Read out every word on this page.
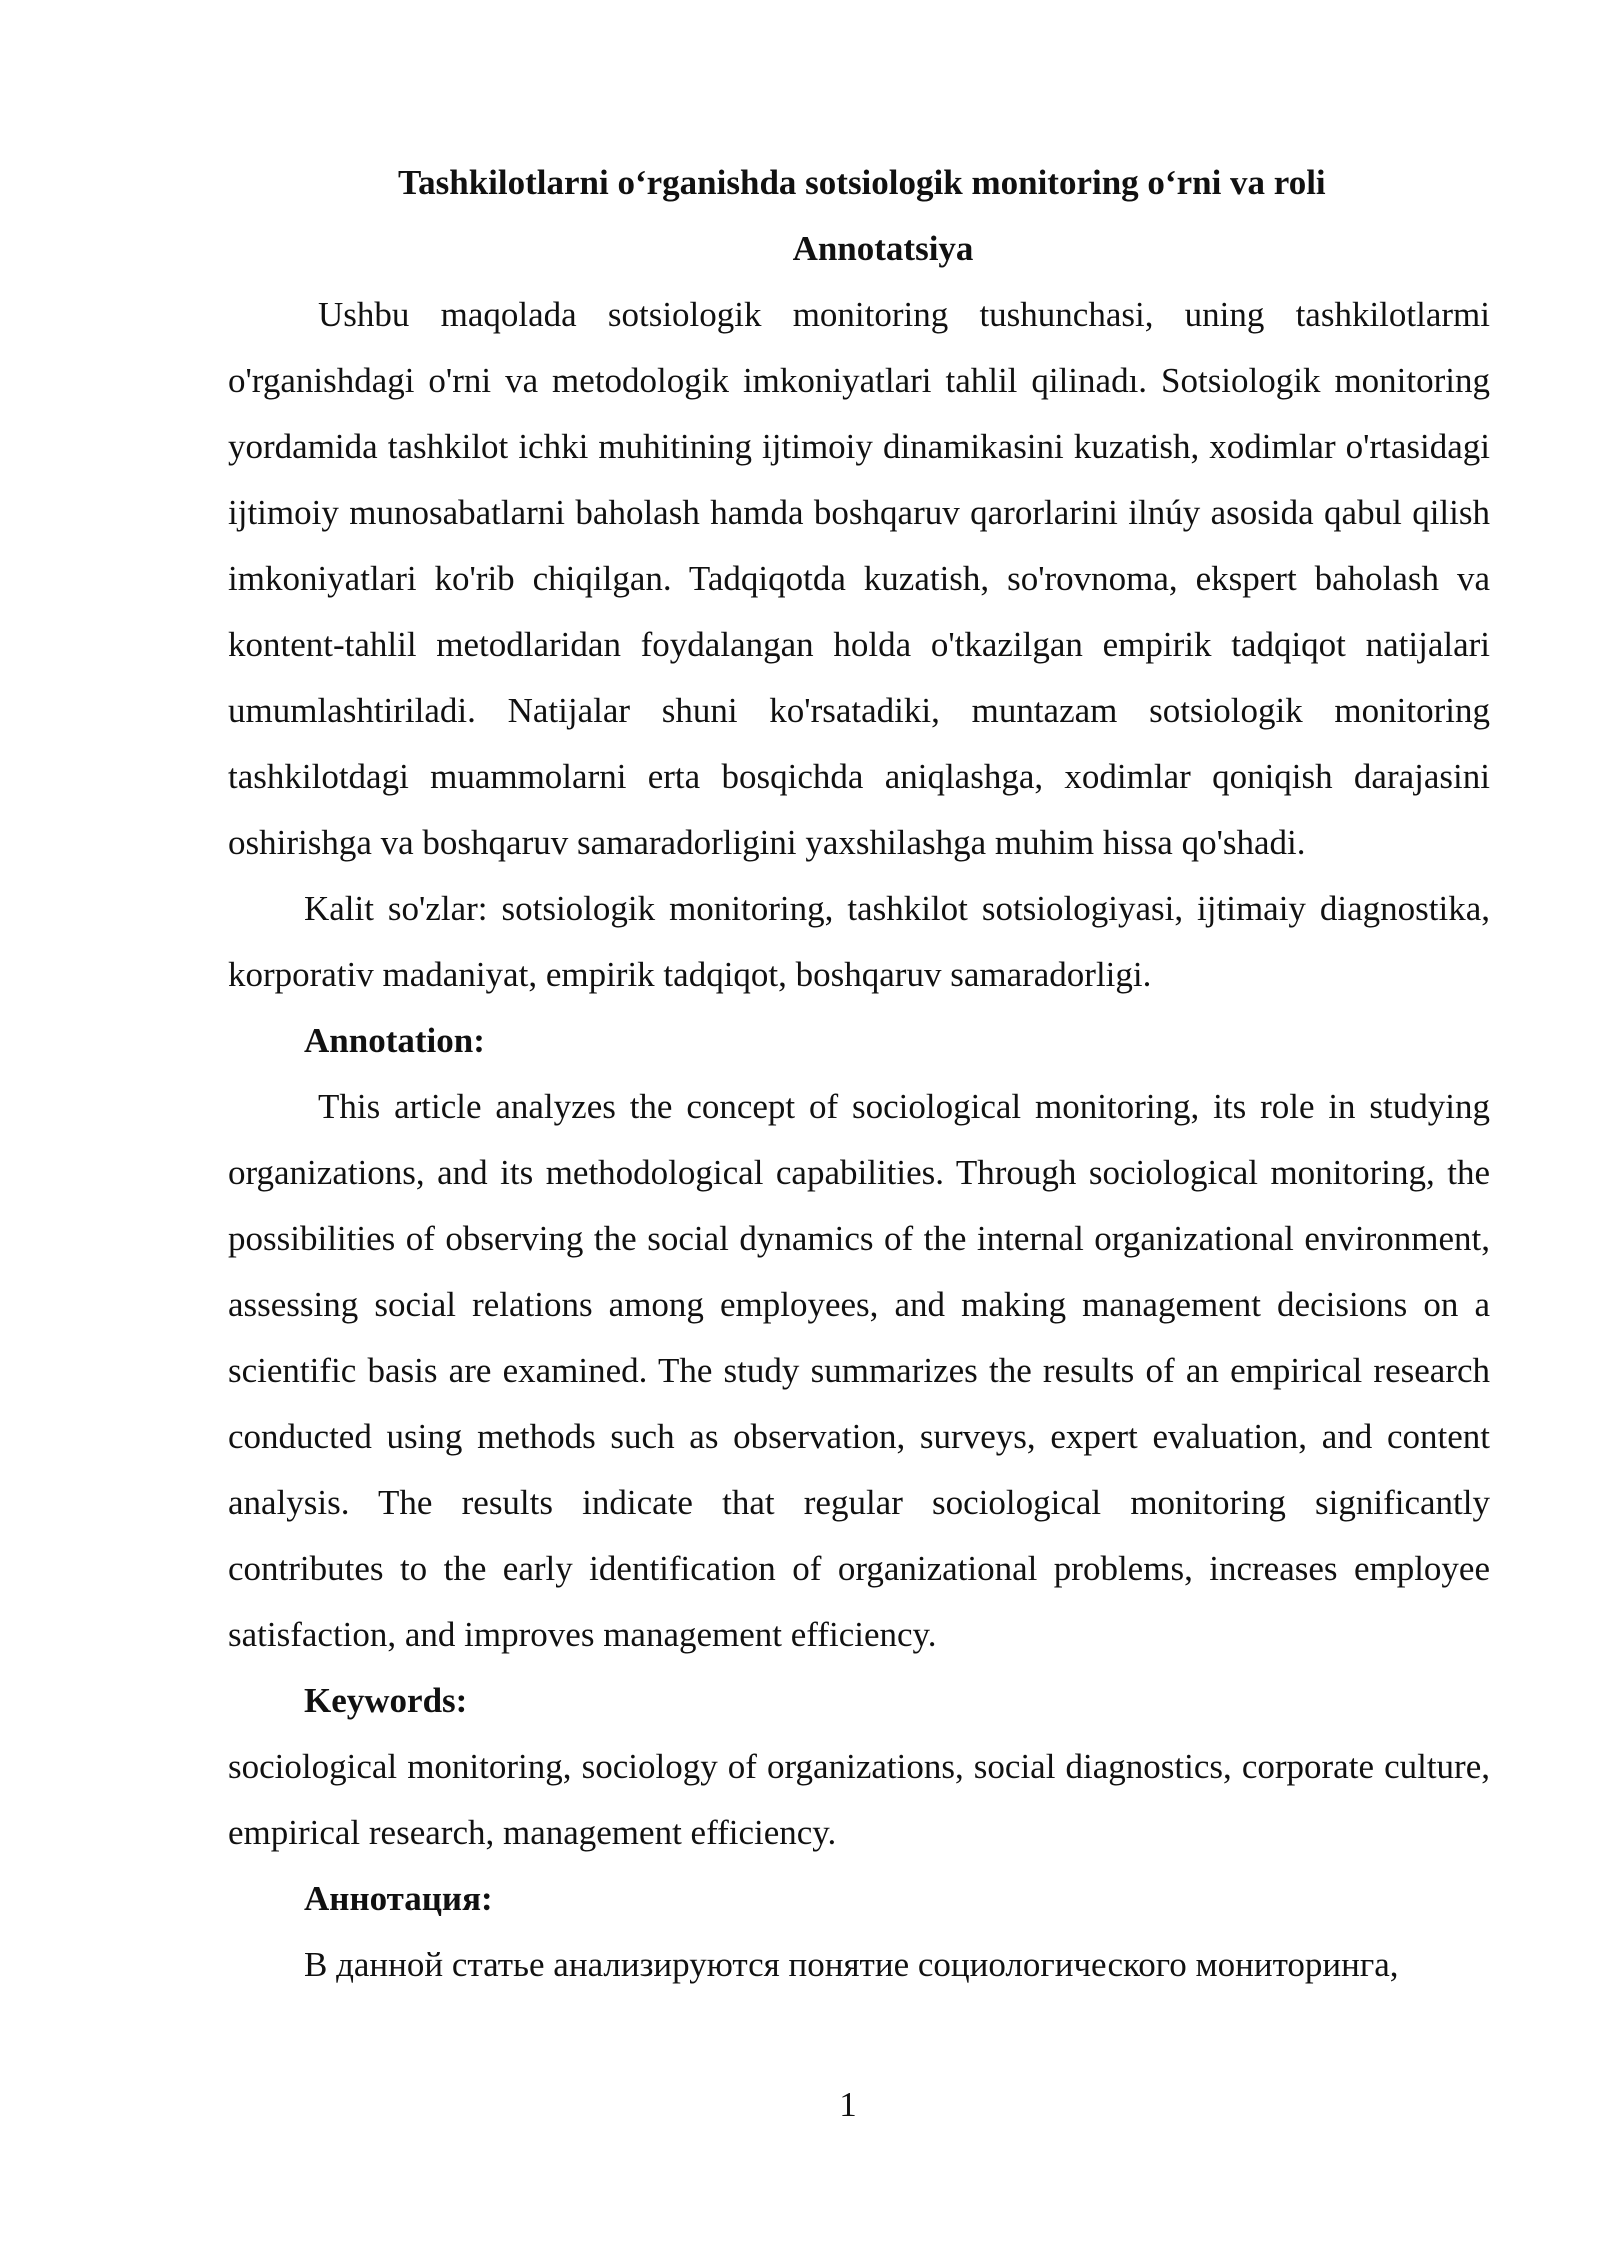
Tashkilotlarni o‘rganishda sotsiologik monitoring o‘rni va roli

Annotatsiya

Ushbu maqolada sotsiologik monitoring tushunchasi, uning tashkilotlarmi o'rganishdagi o'rni va metodologik imkoniyatlari tahlil qilinadı. Sotsiologik monitoring yordamida tashkilot ichki muhitining ijtimoiy dinamikasini kuzatish, xodimlar o'rtasidagi ijtimoiy munosabatlarni baholash hamda boshqaruv qarorlarini ilnúy asosida qabul qilish imkoniyatlari ko'rib chiqilgan. Tadqiqotda kuzatish, so'rovnoma, ekspert baholash va kontent-tahlil metodlaridan foydalangan holda o'tkazilgan empirik tadqiqot natijalari umumlashtiriladi. Natijalar shuni ko'rsatadiki, muntazam sotsiologik monitoring tashkilotdagi muammolarni erta bosqichda aniqlashga, xodimlar qoniqish darajasini oshirishga va boshqaruv samaradorligini yaxshilashga muhim hissa qo'shadi.

Kalit so'zlar: sotsiologik monitoring, tashkilot sotsiologiyasi, ijtimaiy diagnostika, korporativ madaniyat, empirik tadqiqot, boshqaruv samaradorligi.

Annotation:

This article analyzes the concept of sociological monitoring, its role in studying organizations, and its methodological capabilities. Through sociological monitoring, the possibilities of observing the social dynamics of the internal organizational environment, assessing social relations among employees, and making management decisions on a scientific basis are examined. The study summarizes the results of an empirical research conducted using methods such as observation, surveys, expert evaluation, and content analysis. The results indicate that regular sociological monitoring significantly contributes to the early identification of organizational problems, increases employee satisfaction, and improves management efficiency.

Keywords:

sociological monitoring, sociology of organizations, social diagnostics, corporate culture, empirical research, management efficiency.

Аннотация:

В данной статье анализируются понятие социологического мониторинга,

1
